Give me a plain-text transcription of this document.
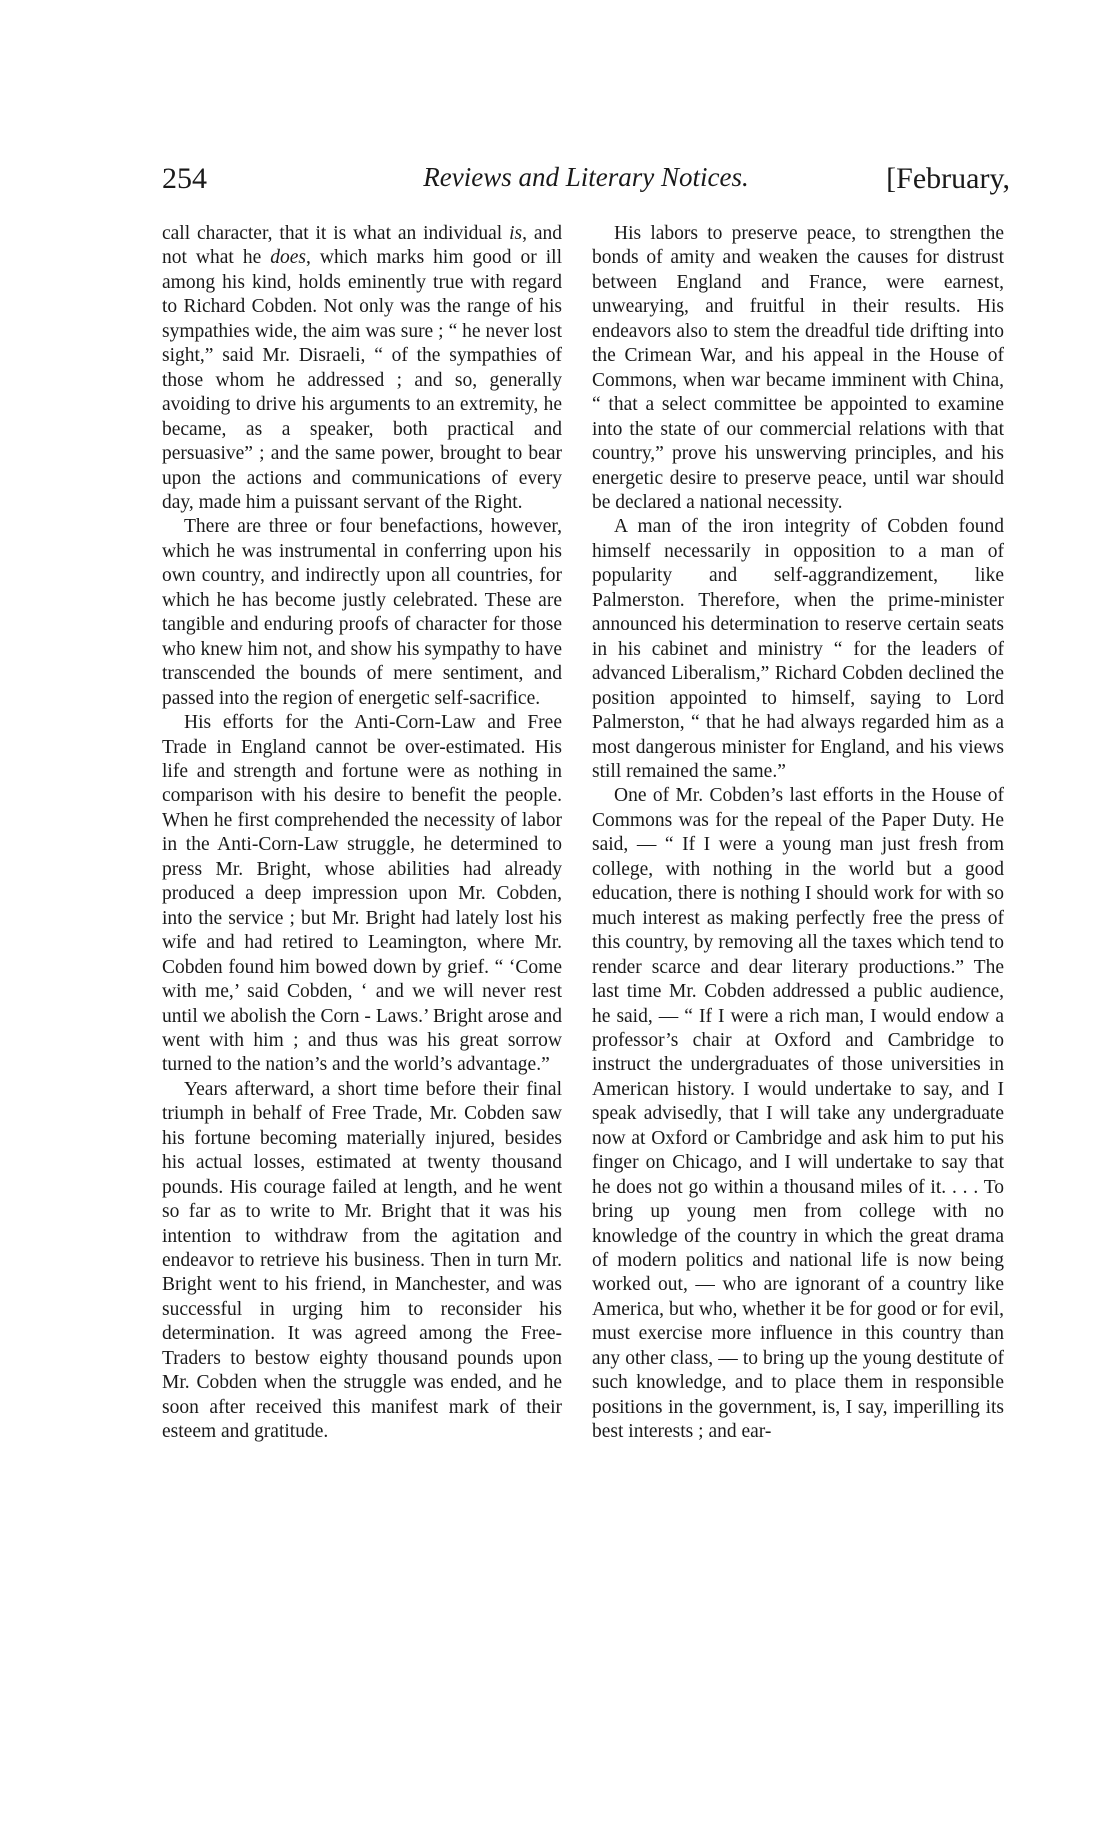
254	Reviews and Literary Notices.	[February,

call character, that it is what an individual is, and not what he does, which marks him good or ill among his kind, holds eminently true with regard to Richard Cobden. Not only was the range of his sympathies wide, the aim was sure ; “ he never lost sight,” said Mr. Disraeli, “ of the sympathies of those whom he addressed ; and so, generally avoiding to drive his arguments to an extremity, he became, as a speaker, both practical and persuasive” ; and the same power, brought to bear upon the actions and communications of every day, made him a puissant servant of the Right.

There are three or four benefactions, however, which he was instrumental in conferring upon his own country, and indirectly upon all countries, for which he has become justly celebrated. These are tangible and enduring proofs of character for those who knew him not, and show his sympathy to have transcended the bounds of mere sentiment, and passed into the region of energetic self-sacrifice.

His efforts for the Anti-Corn-Law and Free Trade in England cannot be over-estimated. His life and strength and fortune were as nothing in comparison with his desire to benefit the people. When he first comprehended the necessity of labor in the Anti-Corn-Law struggle, he determined to press Mr. Bright, whose abilities had already produced a deep impression upon Mr. Cobden, into the service ; but Mr. Bright had lately lost his wife and had retired to Leamington, where Mr. Cobden found him bowed down by grief. “ ‘Come with me,’ said Cobden, ‘ and we will never rest until we abolish the Corn - Laws.’ Bright arose and went with him ; and thus was his great sorrow turned to the nation’s and the world’s advantage.”

Years afterward, a short time before their final triumph in behalf of Free Trade, Mr. Cobden saw his fortune becoming materially injured, besides his actual losses, estimated at twenty thousand pounds. His courage failed at length, and he went so far as to write to Mr. Bright that it was his intention to withdraw from the agitation and endeavor to retrieve his business. Then in turn Mr. Bright went to his friend, in Manchester, and was successful in urging him to reconsider his determination. It was agreed among the Free-Traders to bestow eighty thousand pounds upon Mr. Cobden when the struggle was ended, and he soon after received this manifest mark of their esteem and gratitude.

His labors to preserve peace, to strengthen the bonds of amity and weaken the causes for distrust between England and France, were earnest, unwearying, and fruitful in their results. His endeavors also to stem the dreadful tide drifting into the Crimean War, and his appeal in the House of Commons, when war became imminent with China, “ that a select committee be appointed to examine into the state of our commercial relations with that country,” prove his unswerving principles, and his energetic desire to preserve peace, until war should be declared a national necessity.

A man of the iron integrity of Cobden found himself necessarily in opposition to a man of popularity and self-aggrandizement, like Palmerston. Therefore, when the prime-minister announced his determination to reserve certain seats in his cabinet and ministry “ for the leaders of advanced Liberalism,” Richard Cobden declined the position appointed to himself, saying to Lord Palmerston, “ that he had always regarded him as a most dangerous minister for England, and his views still remained the same.”

One of Mr. Cobden’s last efforts in the House of Commons was for the repeal of the Paper Duty. He said, — “ If I were a young man just fresh from college, with nothing in the world but a good education, there is nothing I should work for with so much interest as making perfectly free the press of this country, by removing all the taxes which tend to render scarce and dear literary productions.” The last time Mr. Cobden addressed a public audience, he said, — “ If I were a rich man, I would endow a professor’s chair at Oxford and Cambridge to instruct the undergraduates of those universities in American history. I would undertake to say, and I speak advisedly, that I will take any undergraduate now at Oxford or Cambridge and ask him to put his finger on Chicago, and I will undertake to say that he does not go within a thousand miles of it. . . . To bring up young men from college with no knowledge of the country in which the great drama of modern politics and national life is now being worked out, — who are ignorant of a country like America, but who, whether it be for good or for evil, must exercise more influence in this country than any other class, — to bring up the young destitute of such knowledge, and to place them in responsible positions in the government, is, I say, imperilling its best interests ; and ear-
